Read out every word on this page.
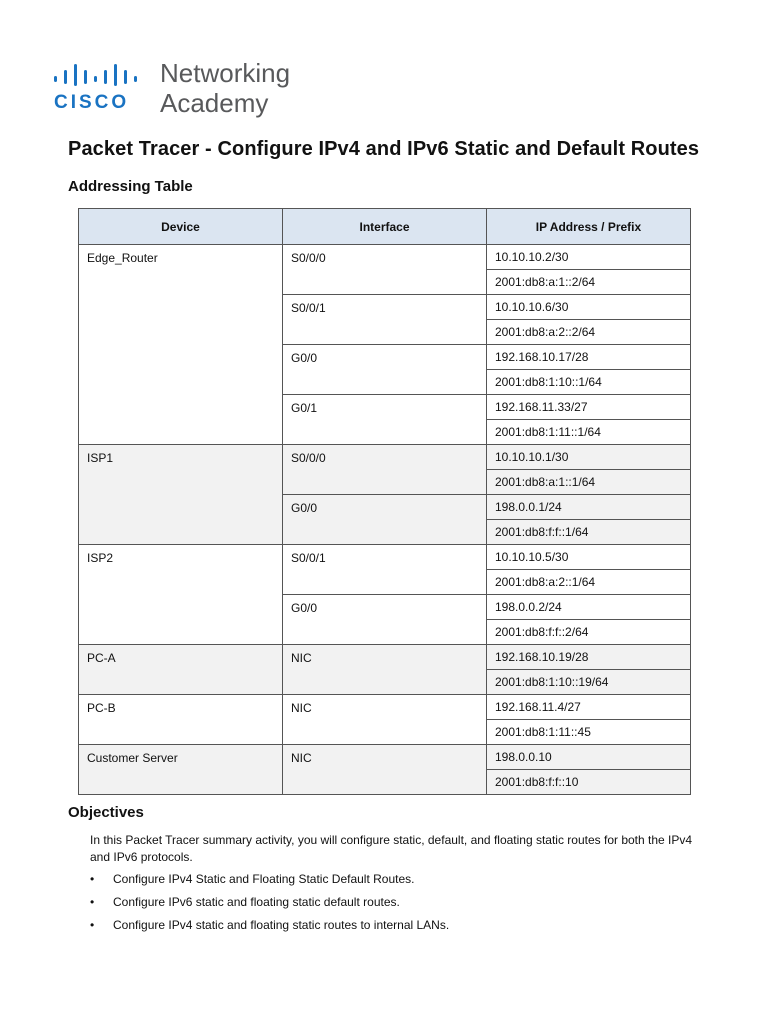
CISCO
Networking
Academy
Packet Tracer - Configure IPv4 and IPv6 Static and Default Routes
Addressing Table
Device	Interface	IP Address / Prefix
Edge_Router	S0/0/0	10.10.10.2/30
		2001:db8:a:1::2/64
	S0/0/1	10.10.10.6/30
		2001:db8:a:2::2/64
	G0/0	192.168.10.17/28
		2001:db8:1:10::1/64
	G0/1	192.168.11.33/27
		2001:db8:1:11::1/64
ISP1	S0/0/0	10.10.10.1/30
		2001:db8:a:1::1/64
	G0/0	198.0.0.1/24
		2001:db8:f:f::1/64
ISP2	S0/0/1	10.10.10.5/30
		2001:db8:a:2::1/64
	G0/0	198.0.0.2/24
		2001:db8:f:f::2/64
PC-A	NIC	192.168.10.19/28
		2001:db8:1:10::19/64
PC-B	NIC	192.168.11.4/27
		2001:db8:1:11::45
Customer Server	NIC	198.0.0.10
		2001:db8:f:f::10
Objectives
In this Packet Tracer summary activity, you will configure static, default, and floating static routes for both the IPv4 and IPv6 protocols.
• Configure IPv4 Static and Floating Static Default Routes.
• Configure IPv6 static and floating static default routes.
• Configure IPv4 static and floating static routes to internal LANs.
